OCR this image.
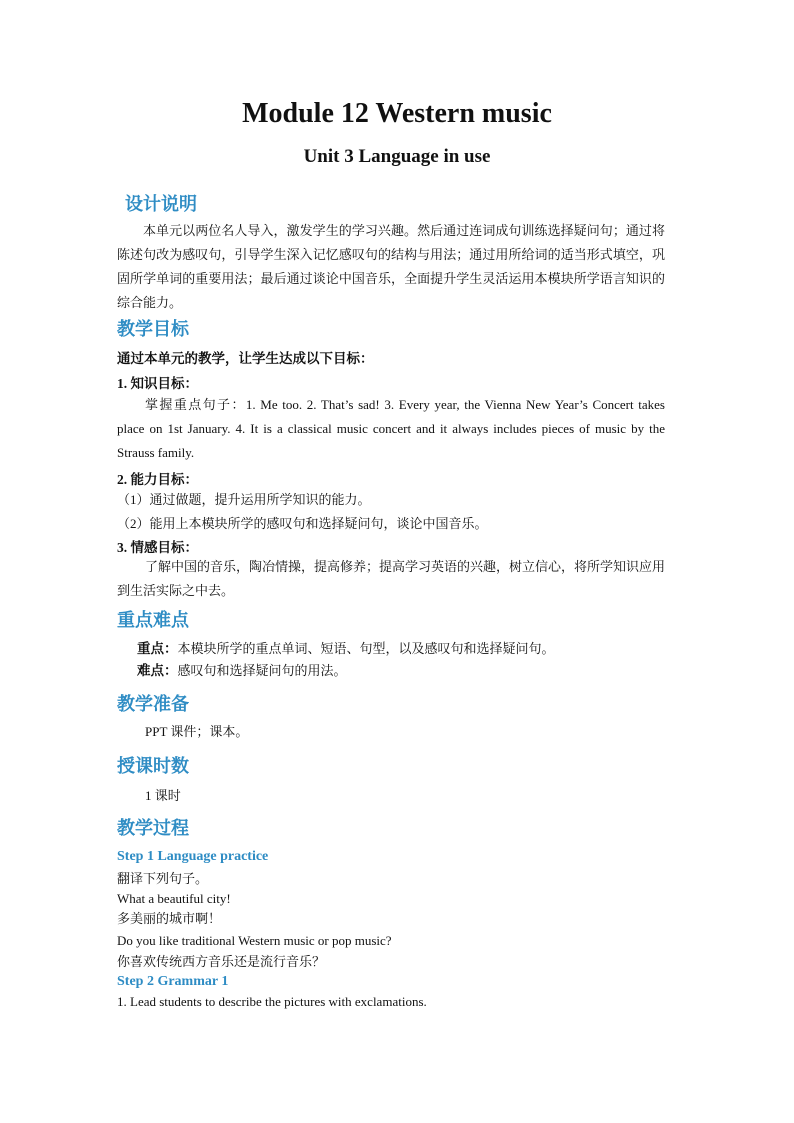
Module 12 Western music
Unit 3 Language in use
设计说明
本单元以两位名人导入，激发学生的学习兴趣。然后通过连词成句训练选择疑问句；通过将陈述句改为感叹句，引导学生深入记忆感叹句的结构与用法；通过用所给词的适当形式填空，巩固所学单词的重要用法；最后通过谈论中国音乐，全面提升学生灵活运用本模块所学语言知识的综合能力。
教学目标
通过本单元的教学，让学生达成以下目标：
1. 知识目标：
掌握重点句子：1. Me too. 2. That’s sad! 3. Every year, the Vienna New Year’s Concert takes place on 1st January. 4. It is a classical music concert and it always includes pieces of music by the Strauss family.
2. 能力目标：
（1）通过做题，提升运用所学知识的能力。
（2）能用上本模块所学的感叹句和选择疑问句，谈论中国音乐。
3. 情感目标：
了解中国的音乐，陶冶情操，提高修养；提高学习英语的兴趣，树立信心，将所学知识应用到生活实际之中去。
重点难点
重点：本模块所学的重点单词、短语、句型，以及感叹句和选择疑问句。
难点：感叹句和选择疑问句的用法。
教学准备
PPT 课件；课本。
授课时数
1 课时
教学过程
Step 1 Language practice
翻译下列句子。
What a beautiful city!
多美丽的城市啊！
Do you like traditional Western music or pop music?
你喜欢传统西方音乐还是流行音乐？
Step 2 Grammar 1
1. Lead students to describe the pictures with exclamations.
